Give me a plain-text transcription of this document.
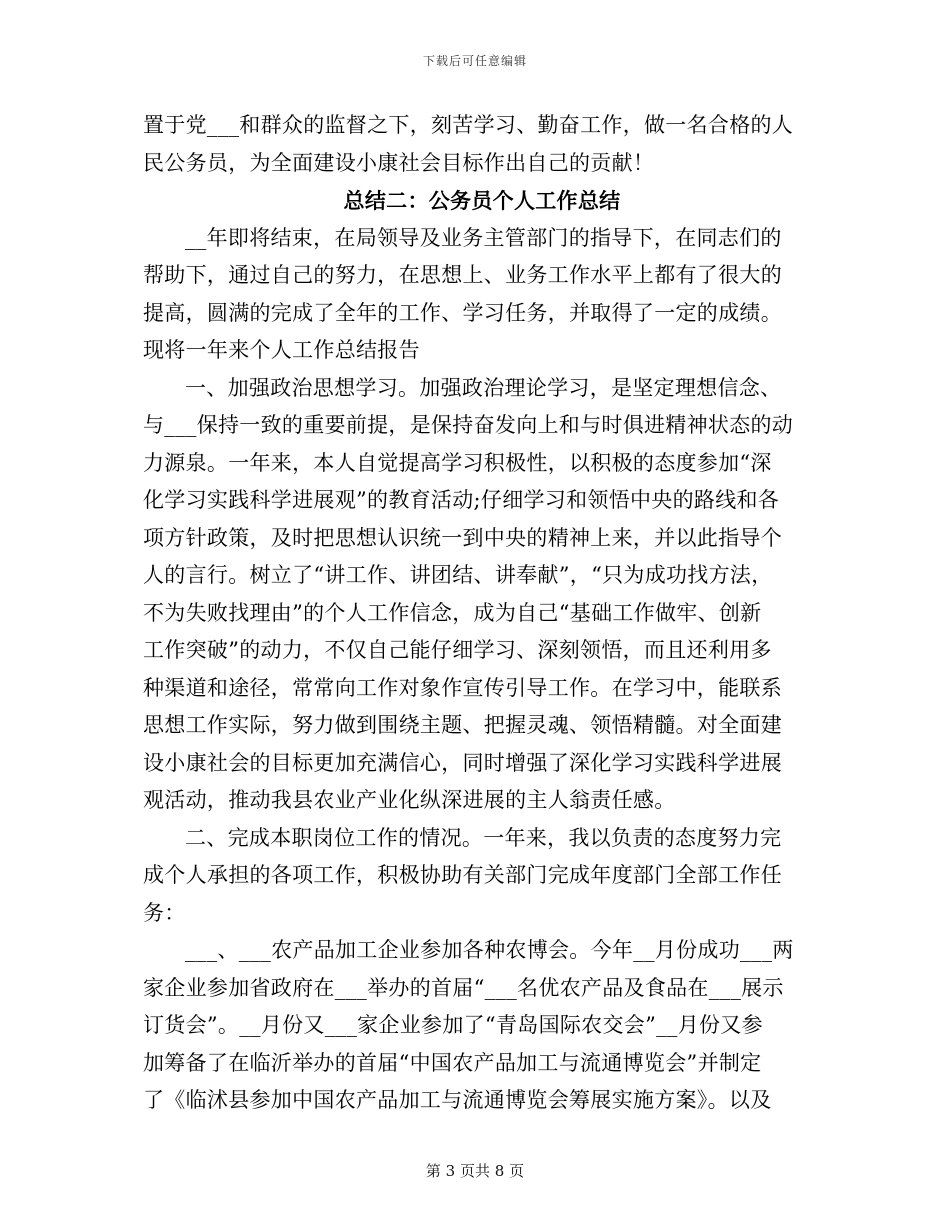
下载后可任意编辑
置于党___和群众的监督之下，刻苦学习、勤奋工作，做一名合格的人
民公务员，为全面建设小康社会目标作出自己的贡献！
总结二：公务员个人工作总结
__年即将结束，在局领导及业务主管部门的指导下，在同志们的
帮助下，通过自己的努力，在思想上、业务工作水平上都有了很大的
提高，圆满的完成了全年的工作、学习任务，并取得了一定的成绩。
现将一年来个人工作总结报告
一、加强政治思想学习。加强政治理论学习，是坚定理想信念、
与___保持一致的重要前提，是保持奋发向上和与时俱进精神状态的动
力源泉。一年来，本人自觉提高学习积极性，以积极的态度参加“深
化学习实践科学进展观”的教育活动;仔细学习和领悟中央的路线和各
项方针政策，及时把思想认识统一到中央的精神上来，并以此指导个
人的言行。树立了“讲工作、讲团结、讲奉献”，“只为成功找方法，
不为失败找理由”的个人工作信念，成为自己“基础工作做牢、创新
工作突破”的动力，不仅自己能仔细学习、深刻领悟，而且还利用多
种渠道和途径，常常向工作对象作宣传引导工作。在学习中，能联系
思想工作实际，努力做到围绕主题、把握灵魂、领悟精髓。对全面建
设小康社会的目标更加充满信心，同时增强了深化学习实践科学进展
观活动，推动我县农业产业化纵深进展的主人翁责任感。
二、完成本职岗位工作的情况。一年来，我以负责的态度努力完
成个人承担的各项工作，积极协助有关部门完成年度部门全部工作任
务：
___、___农产品加工企业参加各种农博会。今年__月份成功___两
家企业参加省政府在___举办的首届“___名优农产品及食品在___展示
订货会”。__月份又___家企业参加了“青岛国际农交会”__月份又参
加筹备了在临沂举办的首届“中国农产品加工与流通博览会”并制定
了《临沭县参加中国农产品加工与流通博览会筹展实施方案》。以及
第 3 页共 8 页
